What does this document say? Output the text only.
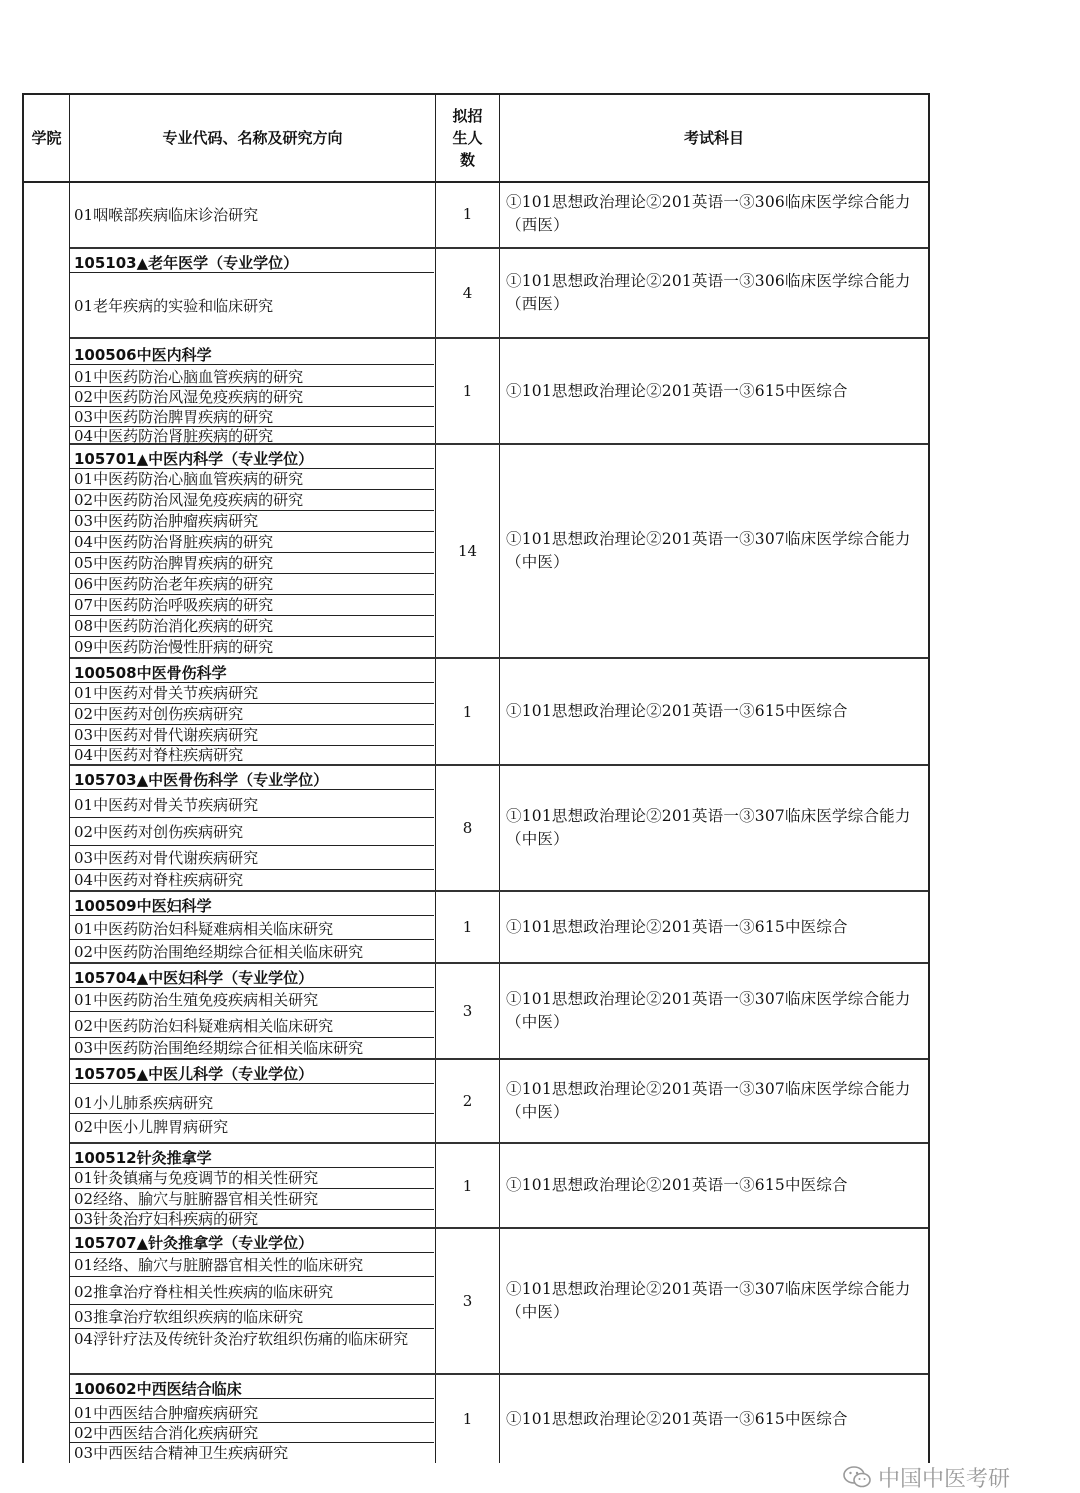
学院	专业代码、名称及研究方向
拟招生人数
考试科目
01咽喉部疾病临床诊治研究	1
①101思想政治理论②201英语一③306临床医学综合能力（西医）
105103▲老年医学（专业学位）
01老年疾病的实验和临床研究
4
①101思想政治理论②201英语一③306临床医学综合能力（西医）
100506中医内科学
01中医药防治心脑血管疾病的研究
02中医药防治风湿免疫疾病的研究
03中医药防治脾胃疾病的研究
04中医药防治肾脏疾病的研究
1 ①101思想政治理论②201英语一③615中医综合
105701▲中医内科学（专业学位）
01中医药防治心脑血管疾病的研究
02中医药防治风湿免疫疾病的研究
03中医药防治肿瘤疾病研究
04中医药防治肾脏疾病的研究
05中医药防治脾胃疾病的研究
06中医药防治老年疾病的研究
07中医药防治呼吸疾病的研究
08中医药防治消化疾病的研究
09中医药防治慢性肝病的研究
14
①101思想政治理论②201英语一③307临床医学综合能力（中医）
100508中医骨伤科学
01中医药对骨关节疾病研究
02中医药对创伤疾病研究
03中医药对骨代谢疾病研究
04中医药对脊柱疾病研究
1 ①101思想政治理论②201英语一③615中医综合
105703▲中医骨伤科学（专业学位）
01中医药对骨关节疾病研究
02中医药对创伤疾病研究
03中医药对骨代谢疾病研究
04中医药对脊柱疾病研究
8
①101思想政治理论②201英语一③307临床医学综合能力（中医）
100509中医妇科学
01中医药防治妇科疑难病相关临床研究
02中医药防治围绝经期综合征相关临床研究
1 ①101思想政治理论②201英语一③615中医综合
105704▲中医妇科学（专业学位）
01中医药防治生殖免疫疾病相关研究
02中医药防治妇科疑难病相关临床研究
03中医药防治围绝经期综合征相关临床研究
3
①101思想政治理论②201英语一③307临床医学综合能力（中医）
105705▲中医儿科学（专业学位）
01小儿肺系疾病研究
02中医小儿脾胃病研究
2
①101思想政治理论②201英语一③307临床医学综合能力（中医）
100512针灸推拿学
01针灸镇痛与免疫调节的相关性研究
02经络、腧穴与脏腑器官相关性研究
03针灸治疗妇科疾病的研究
1 ①101思想政治理论②201英语一③615中医综合
105707▲针灸推拿学（专业学位）
01经络、腧穴与脏腑器官相关性的临床研究
02推拿治疗脊柱相关性疾病的临床研究
03推拿治疗软组织疾病的临床研究
04浮针疗法及传统针灸治疗软组织伤痛的临床研究
3
①101思想政治理论②201英语一③307临床医学综合能力（中医）
100602中西医结合临床
01中西医结合肿瘤疾病研究
02中西医结合消化疾病研究
03中西医结合精神卫生疾病研究
1 ①101思想政治理论②201英语一③615中医综合
中国中医考研
